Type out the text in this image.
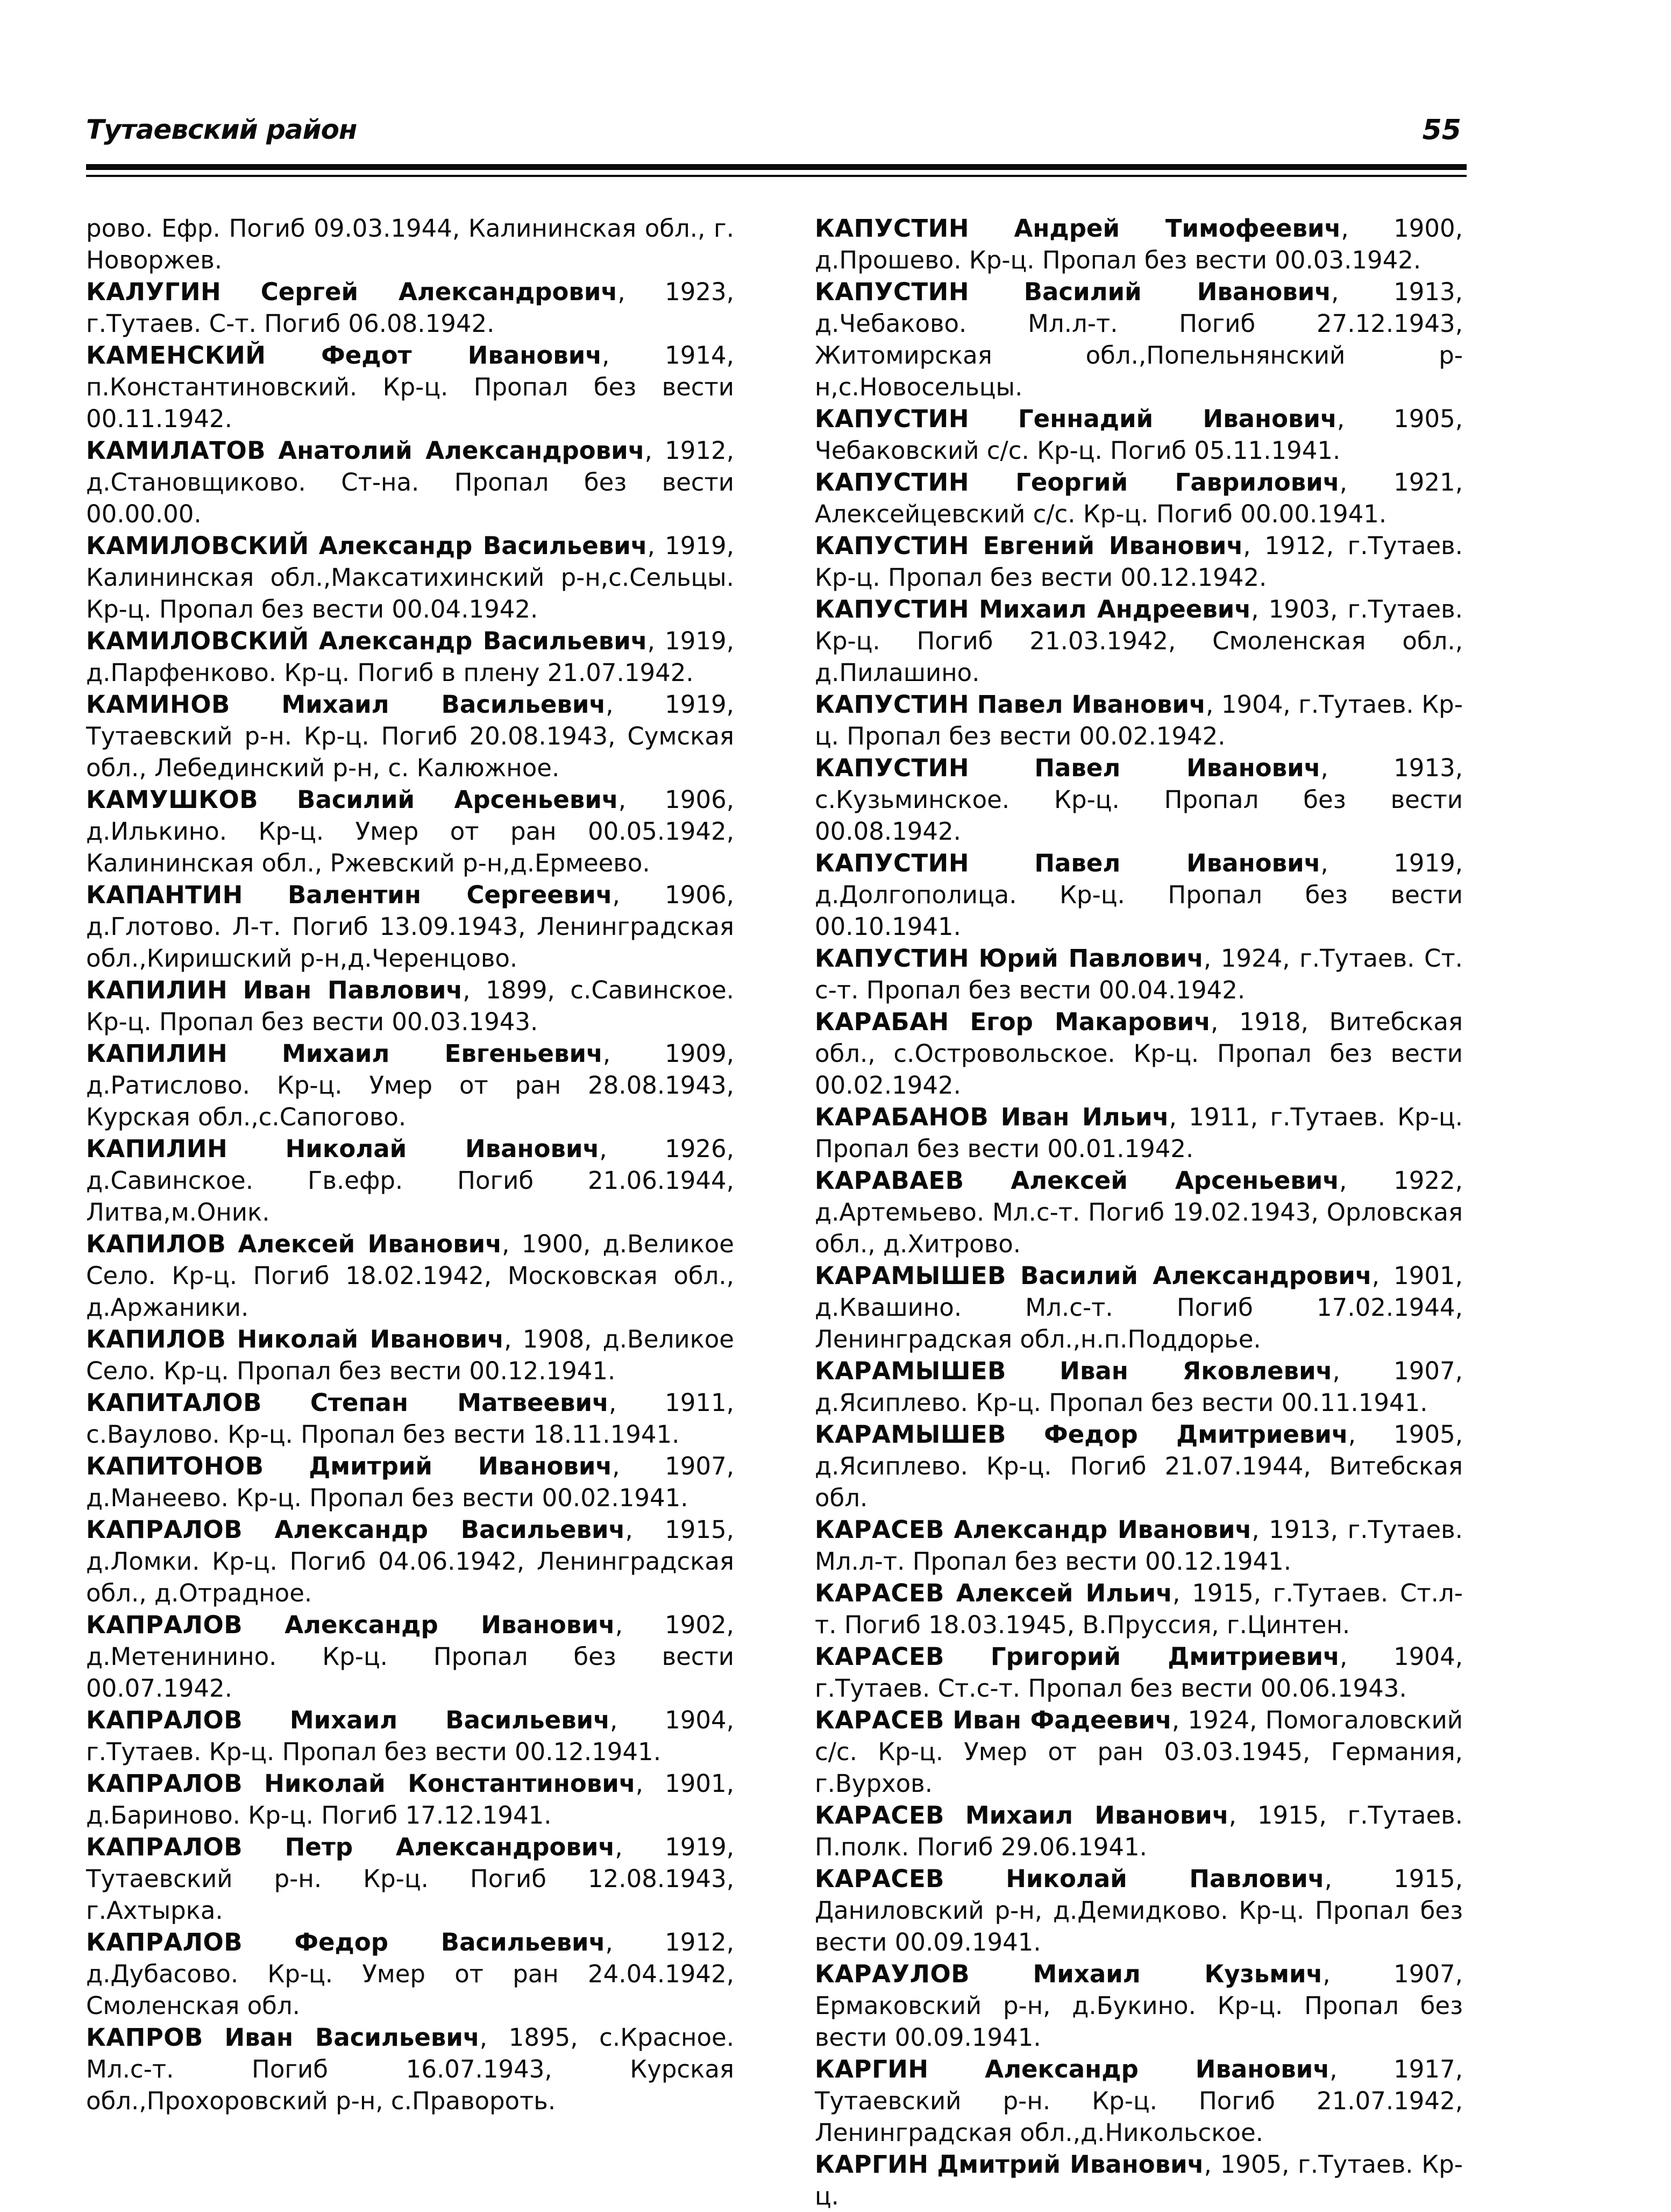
Тутаевский район	55

рово. Ефр. Погиб 09.03.1944, Калининская обл., г. Новоржев.

КАЛУГИН Сергей Александрович, 1923, г.Тутаев. С-т. Погиб 06.08.1942.

КАМЕНСКИЙ Федот Иванович, 1914, п.Константиновский. Кр-ц. Пропал без вести 00.11.1942.

КАМИЛАТОВ Анатолий Александрович, 1912, д.Становщиково. Ст-на. Пропал без вести 00.00.00.

КАМИЛОВСКИЙ Александр Васильевич, 1919, Калининская обл.,Максатихинский р-н,с.Сельцы. Кр-ц. Пропал без вести 00.04.1942.

КАМИЛОВСКИЙ Александр Васильевич, 1919, д.Парфенково. Кр-ц. Погиб в плену 21.07.1942.

КАМИНОВ Михаил Васильевич, 1919, Тутаевский р-н. Кр-ц. Погиб 20.08.1943, Сумская обл., Лебединский р-н, с. Калюжное.

КАМУШКОВ Василий Арсеньевич, 1906, д.Илькино. Кр-ц. Умер от ран 00.05.1942, Калининская обл., Ржевский р-н,д.Ермеево.

КАПАНТИН Валентин Сергеевич, 1906, д.Глотово. Л-т. Погиб 13.09.1943, Ленинградская обл.,Киришский р-н,д.Черенцово.

КАПИЛИН Иван Павлович, 1899, с.Савинское. Кр-ц. Пропал без вести 00.03.1943.

КАПИЛИН Михаил Евгеньевич, 1909, д.Ратислово. Кр-ц. Умер от ран 28.08.1943, Курская обл.,с.Сапогово.

КАПИЛИН Николай Иванович, 1926, д.Савинское. Гв.ефр. Погиб 21.06.1944, Литва,м.Оник.

КАПИЛОВ Алексей Иванович, 1900, д.Великое Село. Кр-ц. Погиб 18.02.1942, Московская обл., д.Аржаники.

КАПИЛОВ Николай Иванович, 1908, д.Великое Село. Кр-ц. Пропал без вести 00.12.1941.

КАПИТАЛОВ Степан Матвеевич, 1911, с.Ваулово. Кр-ц. Пропал без вести 18.11.1941.

КАПИТОНОВ Дмитрий Иванович, 1907, д.Манеево. Кр-ц. Пропал без вести 00.02.1941.

КАПРАЛОВ Александр Васильевич, 1915, д.Ломки. Кр-ц. Погиб 04.06.1942, Ленинградская обл., д.Отрадное.

КАПРАЛОВ Александр Иванович, 1902, д.Метенинино. Кр-ц. Пропал без вести 00.07.1942.

КАПРАЛОВ Михаил Васильевич, 1904, г.Тутаев. Кр-ц. Пропал без вести 00.12.1941.

КАПРАЛОВ Николай Константинович, 1901, д.Бариново. Кр-ц. Погиб 17.12.1941.

КАПРАЛОВ Петр Александрович, 1919, Тутаевский р-н. Кр-ц. Погиб 12.08.1943, г.Ахтырка.

КАПРАЛОВ Федор Васильевич, 1912, д.Дубасово. Кр-ц. Умер от ран 24.04.1942, Смоленская обл.

КАПРОВ Иван Васильевич, 1895, с.Красное. Мл.с-т. Погиб 16.07.1943, Курская обл.,Прохоровский р-н, с.Правороть.

КАПУСТИН Андрей Тимофеевич, 1900, д.Прошево. Кр-ц. Пропал без вести 00.03.1942.

КАПУСТИН Василий Иванович, 1913, д.Чебаково. Мл.л-т. Погиб 27.12.1943, Житомирская обл.,Попельнянский р-н,с.Новосельцы.

КАПУСТИН Геннадий Иванович, 1905, Чебаковский с/с. Кр-ц. Погиб 05.11.1941.

КАПУСТИН Георгий Гаврилович, 1921, Алексейцевский с/с. Кр-ц. Погиб 00.00.1941.

КАПУСТИН Евгений Иванович, 1912, г.Тутаев. Кр-ц. Пропал без вести 00.12.1942.

КАПУСТИН Михаил Андреевич, 1903, г.Тутаев. Кр-ц. Погиб 21.03.1942, Смоленская обл., д.Пилашино.

КАПУСТИН Павел Иванович, 1904, г.Тутаев. Кр-ц. Пропал без вести 00.02.1942.

КАПУСТИН	Павел Иванович, 1913, с.Кузьминское. Кр-ц. Пропал без вести 00.08.1942.

КАПУСТИН	Павел Иванович, 1919, д.Долгополица. Кр-ц. Пропал без вести 00.10.1941.

КАПУСТИН Юрий Павлович, 1924, г.Тутаев. Ст. с-т. Пропал без вести 00.04.1942.

КАРАБАН Егор Макарович, 1918, Витебская обл., с.Островольское. Кр-ц. Пропал без вести 00.02.1942.

КАРАБАНОВ Иван Ильич, 1911, г.Тутаев. Кр-ц. Пропал без вести 00.01.1942.

КАРАВАЕВ Алексей Арсеньевич, 1922, д.Артемьево. Мл.с-т. Погиб 19.02.1943, Орловская обл., д.Хитрово.

КАРАМЫШЕВ Василий Александрович, 1901, д.Квашино. Мл.с-т. Погиб 17.02.1944, Ленинградская обл.,н.п.Поддорье.

КАРАМЫШЕВ Иван Яковлевич, 1907, д.Ясиплево. Кр-ц. Пропал без вести 00.11.1941.

КАРАМЫШЕВ Федор Дмитриевич, 1905, д.Ясиплево. Кр-ц. Погиб 21.07.1944, Витебская обл.

КАРАСЕВ Александр Иванович, 1913, г.Тутаев. Мл.л-т. Пропал без вести 00.12.1941.

КАРАСЕВ Алексей Ильич, 1915, г.Тутаев. Ст.л-т. Погиб 18.03.1945, В.Пруссия, г.Цинтен.

КАРАСЕВ Григорий Дмитриевич, 1904, г.Тутаев. Ст.с-т. Пропал без вести 00.06.1943.

КАРАСЕВ Иван Фадеевич, 1924, Помогаловский с/с. Кр-ц. Умер от ран 03.03.1945, Германия, г.Вурхов.

КАРАСЕВ Михаил Иванович, 1915, г.Тутаев. П.полк. Погиб 29.06.1941.

КАРАСЕВ	Николай Павлович, 1915, Даниловский р-н, д.Демидково. Кр-ц. Пропал без вести 00.09.1941.

КАРАУЛОВ	Михаил Кузьмич, 1907, Ермаковский р-н, д.Букино. Кр-ц. Пропал без вести 00.09.1941.

КАРГИН Александр Иванович, 1917, Тутаевский р-н. Кр-ц. Погиб 21.07.1942, Ленинградская обл.,д.Никольское.

КАРГИН Дмитрий Иванович, 1905, г.Тутаев. Кр-ц.
